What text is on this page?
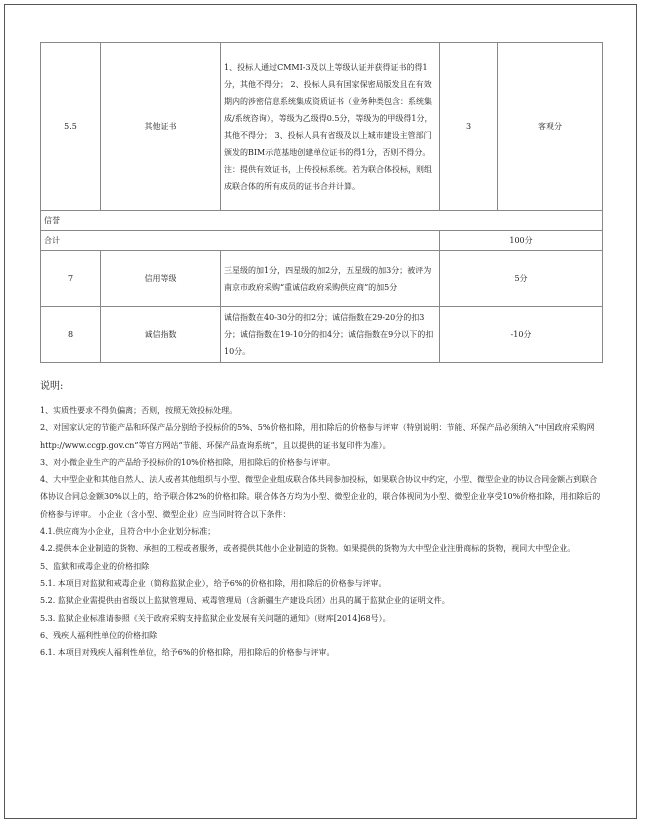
5.5	其他证书	1、投标人通过CMMI-3及以上等级认证并获得证书的得1分，其他不得分； 2、投标人具有国家保密局版发且在有效期内的涉密信息系统集成资质证书（业务种类包含：系统集成/系统咨询），等级为乙级得0.5分，等级为的甲级得1分，其他不得分； 3、投标人具有省级及以上城市建设主管部门颁发的BIM示范基地创建单位证书的得1分，否则不得分。 注：提供有效证书，上传投标系统。若为联合体投标，则组成联合体的所有成员的证书合并计算。	3	客观分
信誉				
合计			100分	
7	信用等级	三星级的加1分，四星级的加2分，五星级的加3分；被评为南京市政府采购“重诚信政府采购供应商”的加5分	5分	
8	诚信指数	诚信指数在40-30分的扣2分；诚信指数在29-20分的扣3分；诚信指数在19-10分的扣4分；诚信指数在9分以下的扣10分。	-10分	
说明:

1、实质性要求不得负偏离；否则，按照无效投标处理。

2、对国家认定的节能产品和环保产品分别给予投标价的5%、5%价格扣除，用扣除后的价格参与评审（特别说明：节能、环保产品必须纳入“中国政府采购网http://www.ccgp.gov.cn”等官方网站“节能、环保产品查询系统”，且以提供的证书复印件为准）。

3、对小微企业生产的产品给予投标价的10%价格扣除，用扣除后的价格参与评审。

4、大中型企业和其他自然人、法人或者其他组织与小型、微型企业组成联合体共同参加投标，如果联合协议中约定，小型、微型企业的协议合同金额占到联合体协议合同总金额30%以上的，给予联合体2%的价格扣除。联合体各方均为小型、微型企业的，联合体视同为小型、微型企业享受10%价格扣除，用扣除后的价格参与评审。 小企业（含小型、微型企业）应当同时符合以下条件：

4.1.供应商为小企业，且符合中小企业划分标准；

4.2.提供本企业制造的货物、承担的工程或者服务，或者提供其他小企业制造的货物。如果提供的货物为大中型企业注册商标的货物，视同大中型企业。

5、监狱和戒毒企业的价格扣除

5.1. 本项目对监狱和戒毒企业（简称监狱企业），给予6%的价格扣除，用扣除后的价格参与评审。

5.2. 监狱企业需提供由省级以上监狱管理局、戒毒管理局（含新疆生产建设兵团）出具的属于监狱企业的证明文件。

5.3. 监狱企业标准请参照《关于政府采购支持监狱企业发展有关问题的通知》（财库[2014]68号）。

6、残疾人福利性单位的价格扣除

6.1. 本项目对残疾人福利性单位，给予6%的价格扣除，用扣除后的价格参与评审。
